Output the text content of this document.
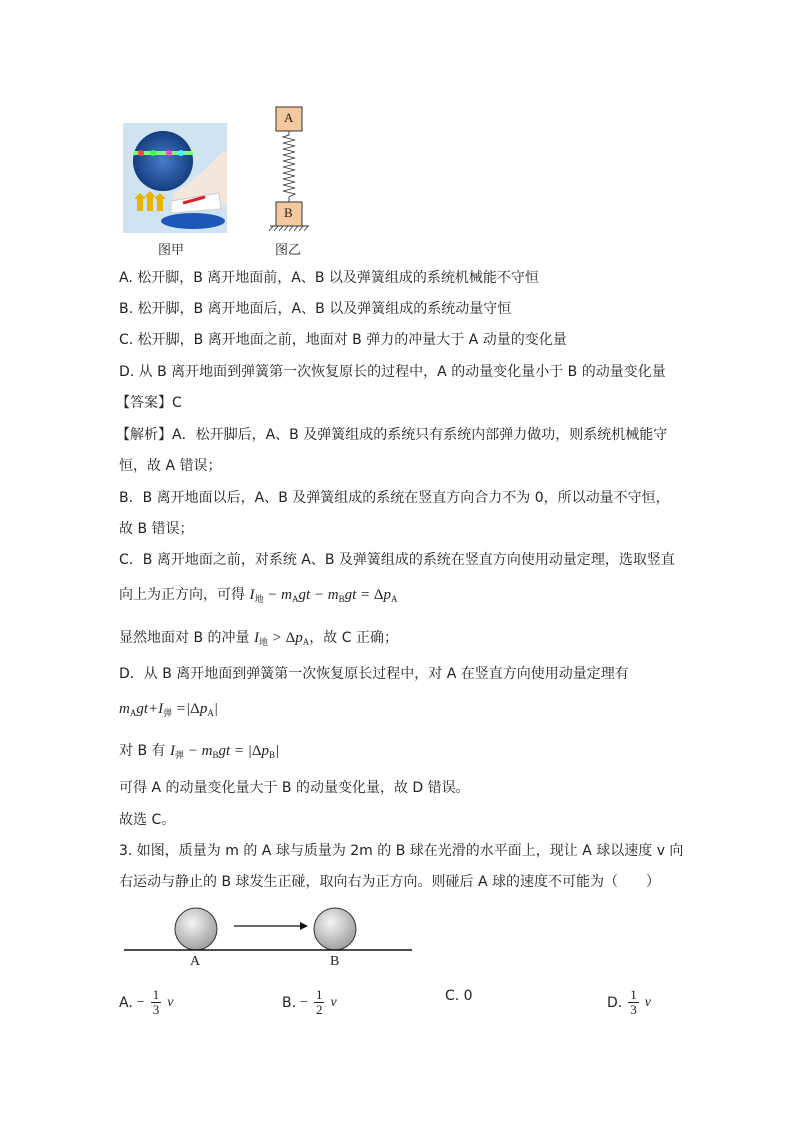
图甲
A
B
图乙
A. 松开脚，B 离开地面前，A、B 以及弹簧组成的系统机械能不守恒
B. 松开脚，B 离开地面后，A、B 以及弹簧组成的系统动量守恒
C. 松开脚，B 离开地面之前，地面对 B 弹力的冲量大于 A 动量的变化量
D. 从 B 离开地面到弹簧第一次恢复原长的过程中，A 的动量变化量小于 B 的动量变化量
【答案】C
【解析】A．松开脚后，A、B 及弹簧组成的系统只有系统内部弹力做功，则系统机械能守
恒，故 A 错误；
B．B 离开地面以后，A、B 及弹簧组成的系统在竖直方向合力不为 0，所以动量不守恒，
故 B 错误；
C．B 离开地面之前，对系统 A、B 及弹簧组成的系统在竖直方向使用动量定理，选取竖直
向上为正方向，可得 $I_地 - m_Agt - m_Bgt = \Delta p_A$
显然地面对 B 的冲量 $I_地 > \Delta p_A$，故 C 正确；
D．从 B 离开地面到弹簧第一次恢复原长过程中，对 A 在竖直方向使用动量定理有
$m_Agt+I_弹 =|\Delta p_A|$
对 B 有 $I_弹 - m_Bgt = |\Delta p_B|$
可得 A 的动量变化量大于 B 的动量变化量，故 D 错误。
故选 C。
3. 如图，质量为 m 的 A 球与质量为 2m 的 B 球在光滑的水平面上，现让 A 球以速度 v 向
右运动与静止的 B 球发生正碰，取向右为正方向。则碰后 A 球的速度不可能为（　　）
A	B
A. − $\frac{1}{3}$ v	B. − $\frac{1}{2}$ v	C. 0	D. $\frac{1}{3}$ v
